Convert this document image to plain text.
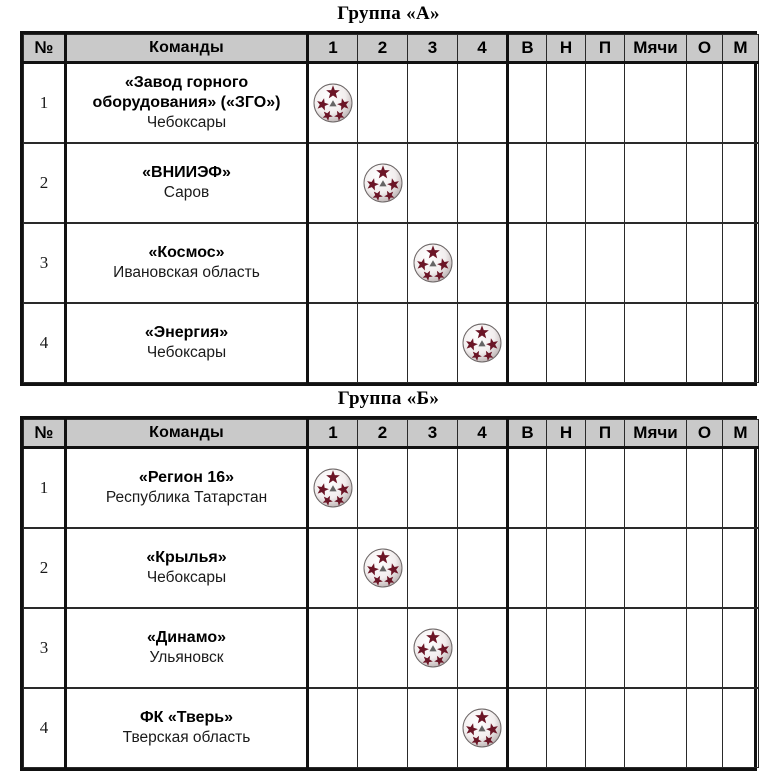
Группа «А»
№	Команды	1	2	3	4	В	Н	П	Мячи	О	М
1	«Завод горного оборудования» («ЗГО»)
Чебоксары

2	«ВНИИЭФ»
Саров

3	«Космос»
Ивановская область

4	«Энергия»
Чебоксары

Группа «Б»
№	Команды	1	2	3	4	В	Н	П	Мячи	О	М
1	«Регион 16»
Республика Татарстан

2	«Крылья»
Чебоксары

3	«Динамо»
Ульяновск

4	ФК «Тверь»
Тверская область
